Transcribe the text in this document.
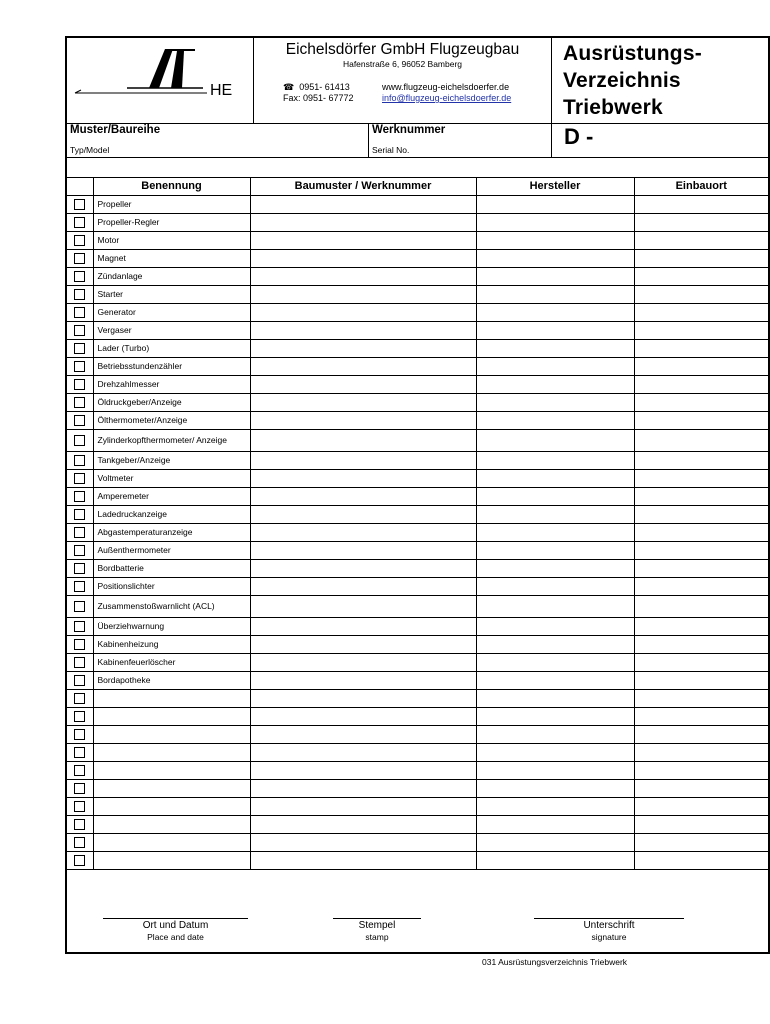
HE
Eichelsdörfer GmbH Flugzeugbau
Hafenstraße 6, 96052 Bamberg
☎ 0951- 61413
Fax: 0951- 67772
www.flugzeug-eichelsdoerfer.de
info@flugzeug-eichelsdoerfer.de
Ausrüstungs-
Verzeichnis
Triebwerk
Muster/Baureihe
Typ/Model
Werknummer
Serial No.
D -
	Benennung	Baumuster / Werknummer	Hersteller	Einbauort

	Propeller			

	Propeller-Regler			

	Motor			

	Magnet			

	Zündanlage			

	Starter			

	Generator			

	Vergaser			

	Lader (Turbo)			

	Betriebsstundenzähler			

	Drehzahlmesser			

	Öldruckgeber/Anzeige			

	Ölthermometer/Anzeige			

	Zylinderkopfthermometer/ Anzeige			

	Tankgeber/Anzeige			

	Voltmeter			

	Amperemeter			

	Ladedruckanzeige			

	Abgastemperaturanzeige			

	Außenthermometer			

	Bordbatterie			

	Positionslichter			

	Zusammenstoßwarnlicht (ACL)			

	Überziehwarnung			

	Kabinenheizung			

	Kabinenfeuerlöscher			

	Bordapotheke			

Ort und Datum
Place and date
Stempel
stamp
Unterschrift
signature
031 Ausrüstungsverzeichnis Triebwerk
